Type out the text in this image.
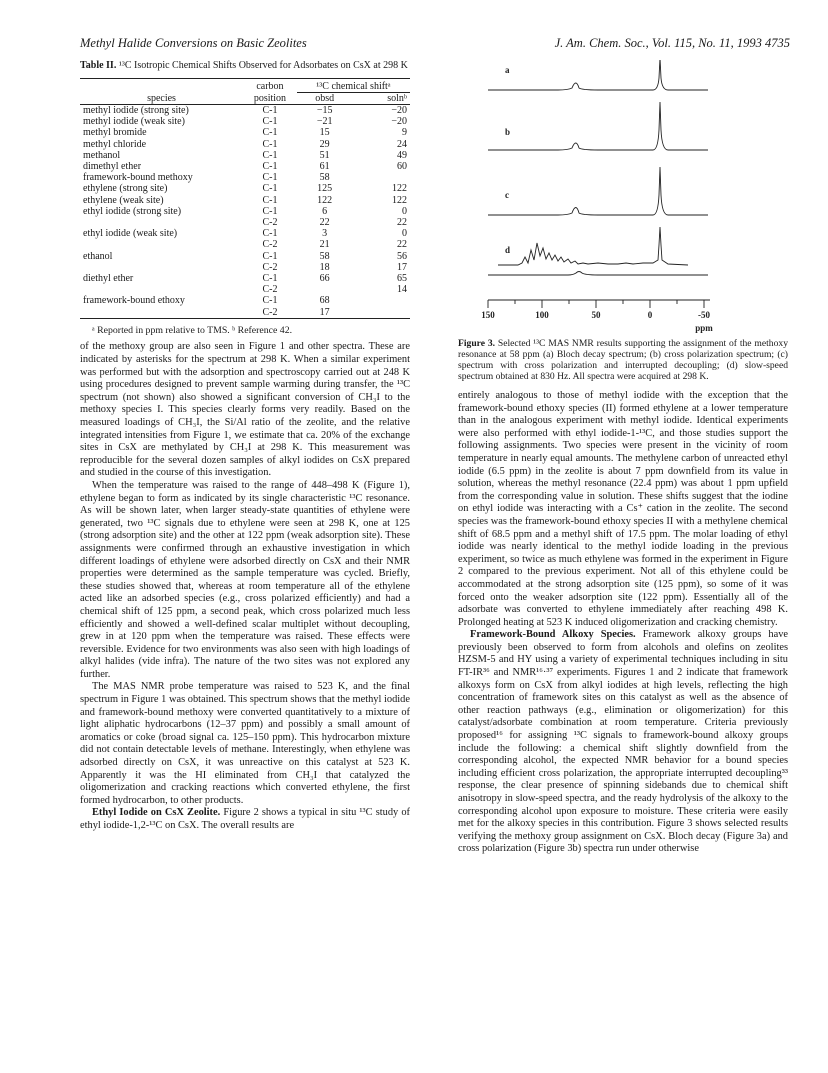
Methyl Halide Conversions on Basic Zeolites	J. Am. Chem. Soc., Vol. 115, No. 11, 1993 4735
Table II. ¹³C Isotropic Chemical Shifts Observed for Adsorbates on CsX at 298 K
	carbon	¹³C chemical shiftᵃ	
species	position	obsd	solnᵇ
methyl iodide (strong site)	C-1	−15	−20
methyl iodide (weak site)	C-1	−21	−20
methyl bromide	C-1	15	9
methyl chloride	C-1	29	24
methanol	C-1	51	49
dimethyl ether	C-1	61	60
framework-bound methoxy	C-1	58	
ethylene (strong site)	C-1	125	122
ethylene (weak site)	C-1	122	122
ethyl iodide (strong site)	C-1	6	0
	C-2	22	22
ethyl iodide (weak site)	C-1	3	0
	C-2	21	22
ethanol	C-1	58	56
	C-2	18	17
diethyl ether	C-1	66	65
	C-2		14
framework-bound ethoxy	C-1	68	
	C-2	17	
ᵃ Reported in ppm relative to TMS. ᵇ Reference 42.

of the methoxy group are also seen in Figure 1 and other spectra. These are indicated by asterisks for the spectrum at 298 K. When a similar experiment was performed but with the adsorption and spectroscopy carried out at 248 K using procedures designed to prevent sample warming during transfer, the ¹³C spectrum (not shown) also showed a significant conversion of CH₃I to the methoxy species I. This species clearly forms very readily. Based on the measured loadings of CH₃I, the Si/Al ratio of the zeolite, and the relative integrated intensities from Figure 1, we estimate that ca. 20% of the exchange sites in CsX are methylated by CH₃I at 298 K. This measurement was reproducible for the several dozen samples of alkyl iodides on CsX prepared and studied in the course of this investigation.

When the temperature was raised to the range of 448–498 K (Figure 1), ethylene began to form as indicated by its single characteristic ¹³C resonance. As will be shown later, when larger steady-state quantities of ethylene were generated, two ¹³C signals due to ethylene were seen at 298 K, one at 125 (strong adsorption site) and the other at 122 ppm (weak adsorption site). These assignments were confirmed through an exhaustive investigation in which different loadings of ethylene were adsorbed directly on CsX and their NMR properties were determined as the sample temperature was cycled. Briefly, these studies showed that, whereas at room temperature all of the ethylene acted like an adsorbed species (e.g., cross polarized efficiently) and had a chemical shift of 125 ppm, a second peak, which cross polarized much less efficiently and showed a well-defined scalar multiplet without decoupling, grew in at 120 ppm when the temperature was raised. These effects were reversible. Evidence for two environments was also seen with high loadings of alkyl halides (vide infra). The nature of the two sites was not explored any further.

The MAS NMR probe temperature was raised to 523 K, and the final spectrum in Figure 1 was obtained. This spectrum shows that the methyl iodide and framework-bound methoxy were converted quantitatively to a mixture of light aliphatic hydrocarbons (12–37 ppm) and possibly a small amount of aromatics or coke (broad signal ca. 125–150 ppm). This hydrocarbon mixture did not contain detectable levels of methane. Interestingly, when ethylene was adsorbed directly on CsX, it was unreactive on this catalyst at 523 K. Apparently it was the HI eliminated from CH₃I that catalyzed the oligomerization and cracking reactions which converted ethylene, the first formed hydrocarbon, to other products.

Ethyl Iodide on CsX Zeolite. Figure 2 shows a typical in situ ¹³C study of ethyl iodide-1,2-¹³C on CsX. The overall results are

a
b
c
d
150	100	50	0	-50
ppm
Figure 3. Selected ¹³C MAS NMR results supporting the assignment of the methoxy resonance at 58 ppm (a) Bloch decay spectrum; (b) cross polarization spectrum; (c) spectrum with cross polarization and interrupted decoupling; (d) slow-speed spectrum obtained at 830 Hz. All spectra were acquired at 298 K.

entirely analogous to those of methyl iodide with the exception that the framework-bound ethoxy species (II) formed ethylene at a lower temperature than in the analogous experiment with methyl iodide. Identical experiments were also performed with ethyl iodide-1-¹³C, and those studies support the following assignments. Two species were present in the vicinity of room temperature in nearly equal amounts. The methylene carbon of unreacted ethyl iodide (6.5 ppm) in the zeolite is about 7 ppm downfield from its value in solution, whereas the methyl resonance (22.4 ppm) was about 1 ppm upfield from the corresponding value in solution. These shifts suggest that the iodine on ethyl iodide was interacting with a Cs⁺ cation in the zeolite. The second species was the framework-bound ethoxy species II with a methylene chemical shift of 68.5 ppm and a methyl shift of 17.5 ppm. The molar loading of ethyl iodide was nearly identical to the methyl iodide loading in the previous experiment, so twice as much ethylene was formed in the experiment in Figure 2 compared to the previous experiment. Not all of this ethylene could be accommodated at the strong adsorption site (125 ppm), so some of it was forced onto the weaker adsorption site (122 ppm). Essentially all of the adsorbate was converted to ethylene immediately after reaching 498 K. Prolonged heating at 523 K induced oligomerization and cracking chemistry.

Framework-Bound Alkoxy Species. Framework alkoxy groups have previously been observed to form from alcohols and olefins on zeolites HZSM-5 and HY using a variety of experimental techniques including in situ FT-IR³⁶ and NMR¹⁶·³⁷ experiments. Figures 1 and 2 indicate that framework alkoxys form on CsX from alkyl iodides at high levels, reflecting the high concentration of framework sites on this catalyst as well as the absence of other reaction pathways (e.g., elimination or oligomerization) for this catalyst/adsorbate combination at room temperature. Criteria previously proposed¹⁶ for assigning ¹³C signals to framework-bound alkoxy groups include the following: a chemical shift slightly downfield from the corresponding alcohol, the expected NMR behavior for a bound species including efficient cross polarization, the appropriate interrupted decoupling³³ response, the clear presence of spinning sidebands due to chemical shift anisotropy in slow-speed spectra, and the ready hydrolysis of the alkoxy to the corresponding alcohol upon exposure to moisture. These criteria were easily met for the alkoxy species in this contribution. Figure 3 shows selected results verifying the methoxy group assignment on CsX. Bloch decay (Figure 3a) and cross polarization (Figure 3b) spectra run under otherwise
